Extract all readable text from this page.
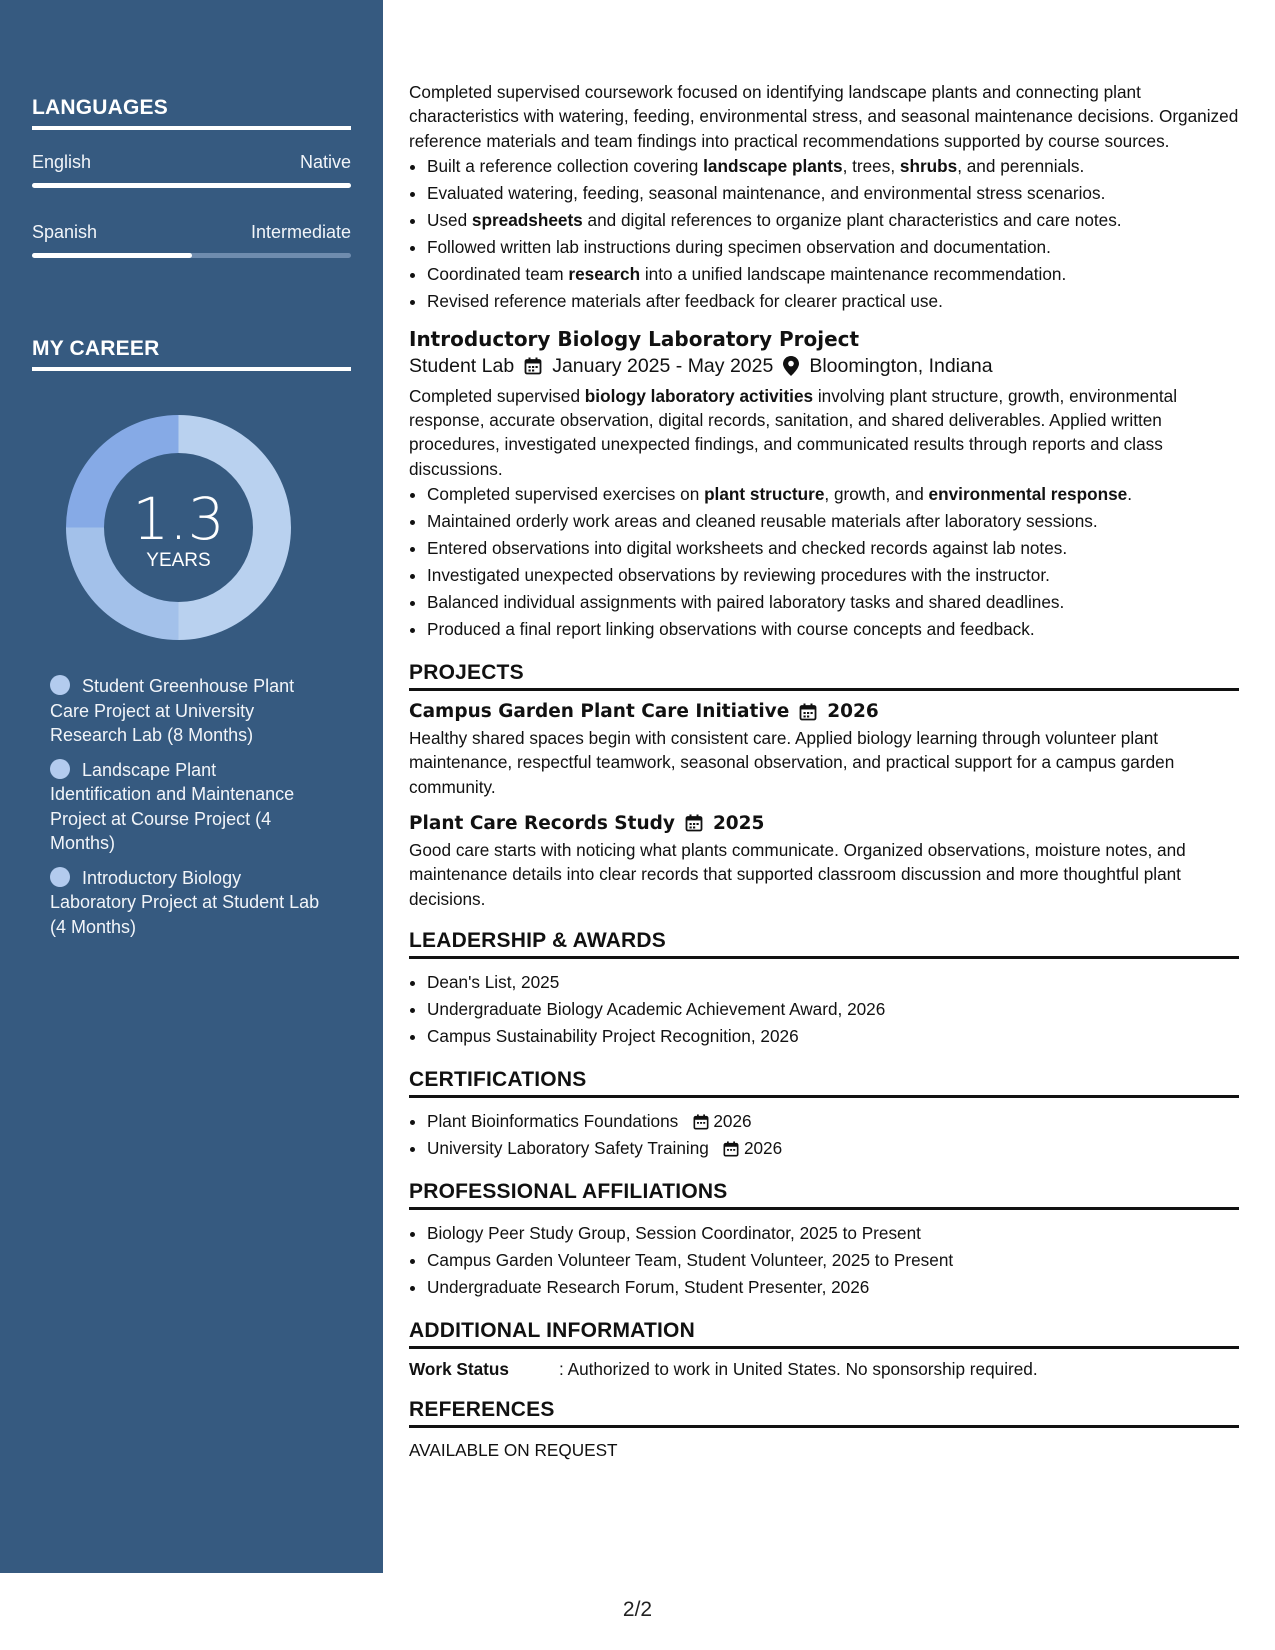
LANGUAGES
English	Native
Spanish	Intermediate
MY CAREER
1.3
YEARS
Student Greenhouse Plant Care Project at University Research Lab (8 Months)
Landscape Plant Identification and Maintenance Project at Course Project (4 Months)
Introductory Biology Laboratory Project at Student Lab (4 Months)

Completed supervised coursework focused on identifying landscape plants and connecting plant characteristics with watering, feeding, environmental stress, and seasonal maintenance decisions. Organized reference materials and team findings into practical recommendations supported by course sources.

• Built a reference collection covering landscape plants, trees, shrubs, and perennials.
• Evaluated watering, feeding, seasonal maintenance, and environmental stress scenarios.
• Used spreadsheets and digital references to organize plant characteristics and care notes.
• Followed written lab instructions during specimen observation and documentation.
• Coordinated team research into a unified landscape maintenance recommendation.
• Revised reference materials after feedback for clearer practical use.
Introductory Biology Laboratory Project
Student Lab January 2025 - May 2025 Bloomington, Indiana

Completed supervised biology laboratory activities involving plant structure, growth, environmental response, accurate observation, digital records, sanitation, and shared deliverables. Applied written procedures, investigated unexpected findings, and communicated results through reports and class discussions.

• Completed supervised exercises on plant structure, growth, and environmental response.
• Maintained orderly work areas and cleaned reusable materials after laboratory sessions.
• Entered observations into digital worksheets and checked records against lab notes.
• Investigated unexpected observations by reviewing procedures with the instructor.
• Balanced individual assignments with paired laboratory tasks and shared deadlines.
• Produced a final report linking observations with course concepts and feedback.
PROJECTS
Campus Garden Plant Care Initiative 2026

Healthy shared spaces begin with consistent care. Applied biology learning through volunteer plant maintenance, respectful teamwork, seasonal observation, and practical support for a campus garden community.

Plant Care Records Study 2025

Good care starts with noticing what plants communicate. Organized observations, moisture notes, and maintenance details into clear records that supported classroom discussion and more thoughtful plant decisions.

LEADERSHIP & AWARDS
• Dean's List, 2025
• Undergraduate Biology Academic Achievement Award, 2026
• Campus Sustainability Project Recognition, 2026
CERTIFICATIONS
• Plant Bioinformatics Foundations 2026
• University Laboratory Safety Training 2026
PROFESSIONAL AFFILIATIONS
• Biology Peer Study Group, Session Coordinator, 2025 to Present
• Campus Garden Volunteer Team, Student Volunteer, 2025 to Present
• Undergraduate Research Forum, Student Presenter, 2026
ADDITIONAL INFORMATION
Work Status	: Authorized to work in United States. No sponsorship required.
REFERENCES

AVAILABLE ON REQUEST

2/2
